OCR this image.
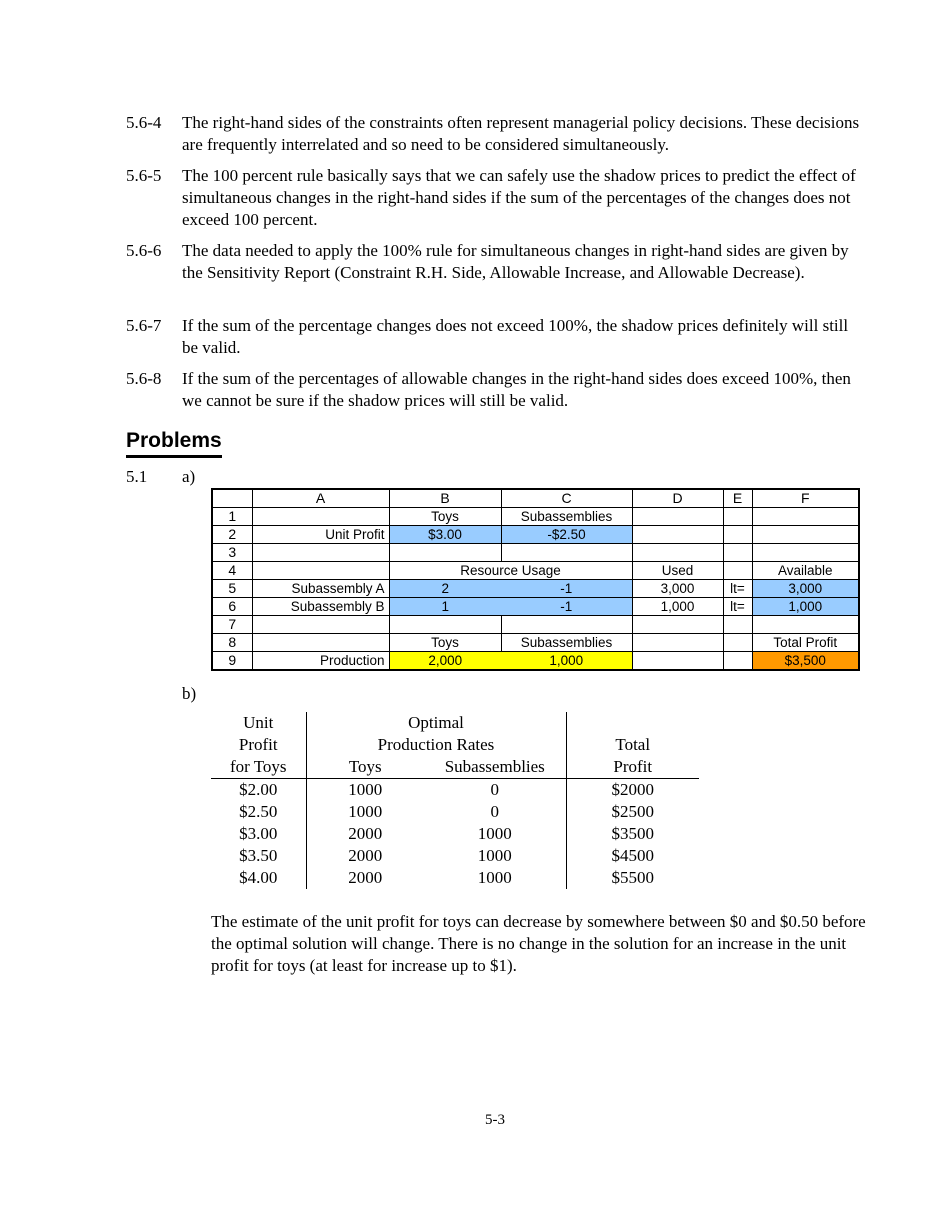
5.6-4	The right-hand sides of the constraints often represent managerial policy decisions. These decisions are frequently interrelated and so need to be considered simultaneously.
5.6-5	The 100 percent rule basically says that we can safely use the shadow prices to predict the effect of simultaneous changes in the right-hand sides if the sum of the percentages of the changes does not exceed 100 percent.
5.6-6	The data needed to apply the 100% rule for simultaneous changes in right-hand sides are given by the Sensitivity Report (Constraint R.H. Side, Allowable Increase, and Allowable Decrease).
5.6-7	If the sum of the percentage changes does not exceed 100%, the shadow prices definitely will still be valid.
5.6-8	If the sum of the percentages of allowable changes in the right-hand sides does exceed 100%, then we cannot be sure if the shadow prices will still be valid.
Problems
5.1 a)
	A	B	C	D	E	F
1		Toys	Subassemblies			
2	Unit Profit	$3.00	-$2.50			
3						
4		Resource Usage		Used		Available
5	Subassembly A	2	-1	3,000	lt=	3,000
6	Subassembly B	1	-1	1,000	lt=	1,000
7						
8		Toys	Subassemblies			Total Profit
9	Production	2,000	1,000			$3,500
b)
Unit	Optimal		
Profit	Production Rates		Total
for Toys	Toys	Subassemblies	Profit
$2.00	1000	0	$2000
$2.50	1000	0	$2500
$3.00	2000	1000	$3500
$3.50	2000	1000	$4500
$4.00	2000	1000	$5500
The estimate of the unit profit for toys can decrease by somewhere between $0 and $0.50 before the optimal solution will change. There is no change in the solution for an increase in the unit profit for toys (at least for increase up to $1).
5-3
